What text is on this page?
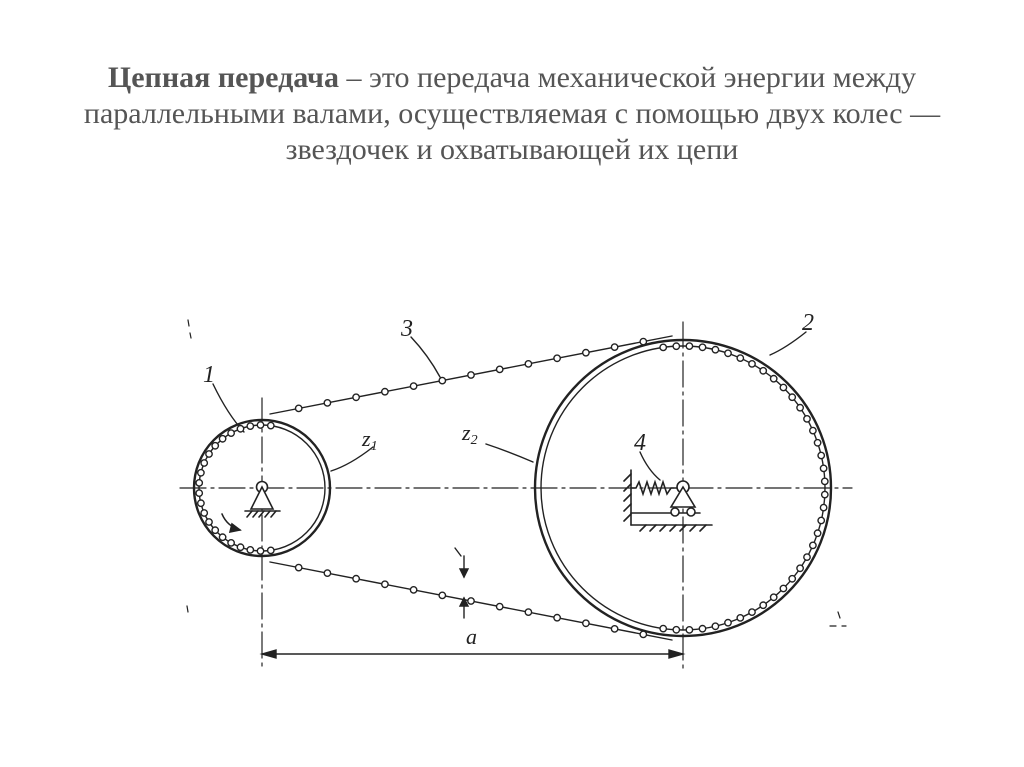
Цепная передача – это передача механической энергии между параллельными валами, осуществляемая с помощью двух колес — звездочек и охватывающей их цепи
1
2
3
4
z1
z2
a
